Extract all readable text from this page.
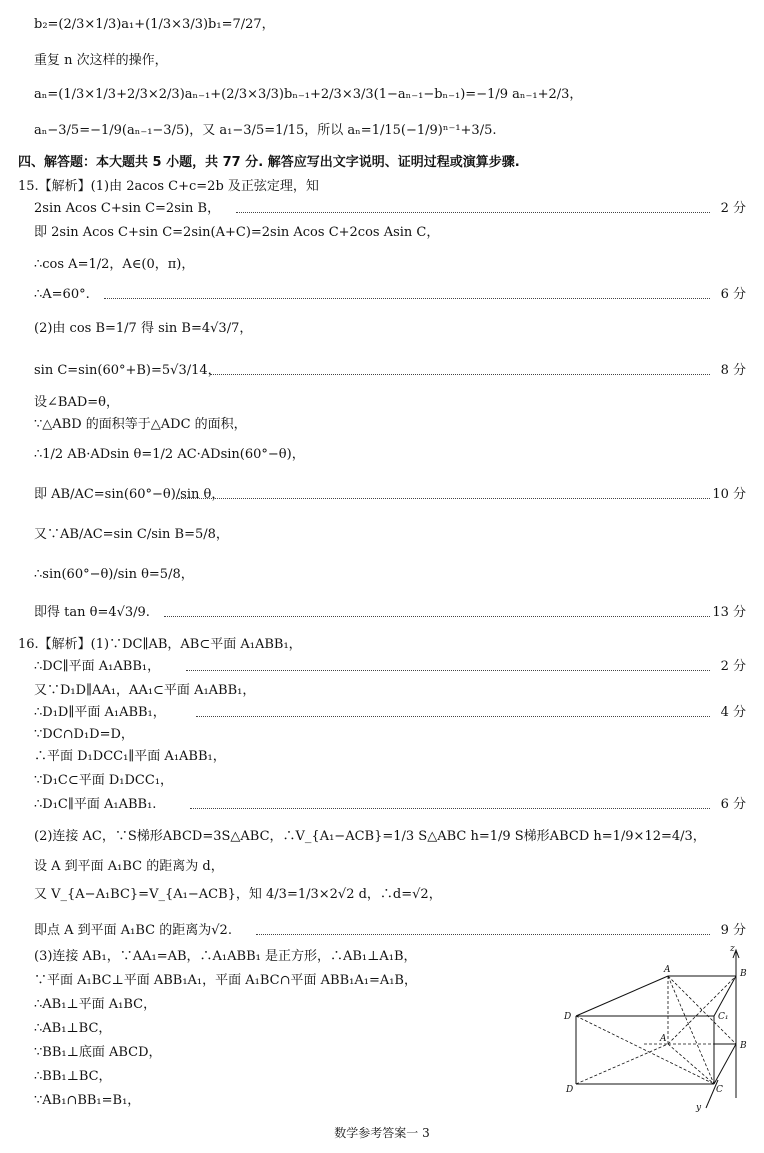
b₂=(2/3×1/3)a₁+(1/3×3/3)b₁=7/27，
重复 n 次这样的操作，
aₙ=(1/3×1/3+2/3×2/3)aₙ₋₁+(2/3×3/3)bₙ₋₁+2/3×3/3(1−aₙ₋₁−bₙ₋₁)=−1/9 aₙ₋₁+2/3，
aₙ−3/5=−1/9(aₙ₋₁−3/5)，又 a₁−3/5=1/15，所以 aₙ=1/15(−1/9)ⁿ⁻¹+3/5.
四、解答题：本大题共 5 小题，共 77 分. 解答应写出文字说明、证明过程或演算步骤.
15.【解析】(1)由 2acos C+c=2b 及正弦定理，知
2sin Acos C+sin C=2sin B，	2 分
即 2sin Acos C+sin C=2sin(A+C)=2sin Acos C+2cos Asin C，
∴cos A=1/2，A∈(0，π)，
∴A=60°.	6 分
(2)由 cos B=1/7 得 sin B=4√3/7，
sin C=sin(60°+B)=5√3/14，	8 分
设∠BAD=θ，
∵△ABD 的面积等于△ADC 的面积，
∴1/2 AB·ADsin θ=1/2 AC·ADsin(60°−θ)，
即 AB/AC=sin(60°−θ)/sin θ，	10 分
又∵AB/AC=sin C/sin B=5/8，
∴sin(60°−θ)/sin θ=5/8，
即得 tan θ=4√3/9.	13 分
16.【解析】(1)∵DC∥AB，AB⊂平面 A₁ABB₁，
∴DC∥平面 A₁ABB₁，	2 分
又∵D₁D∥AA₁，AA₁⊂平面 A₁ABB₁，
∴D₁D∥平面 A₁ABB₁，	4 分
∵DC∩D₁D=D，
∴平面 D₁DCC₁∥平面 A₁ABB₁，
∵D₁C⊂平面 D₁DCC₁，
∴D₁C∥平面 A₁ABB₁.	6 分
(2)连接 AC，∵S梯形ABCD=3S△ABC，∴V_{A₁−ACB}=1/3 S△ABC h=1/9 S梯形ABCD h=1/9×12=4/3，
设 A 到平面 A₁BC 的距离为 d，
又 V_{A−A₁BC}=V_{A₁−ACB}，知 4/3=1/3×2√2 d，∴d=√2，
即点 A 到平面 A₁BC 的距离为√2.	9 分
(3)连接 AB₁，∵AA₁=AB，∴A₁ABB₁ 是正方形，∴AB₁⊥A₁B，
∵平面 A₁BC⊥平面 ABB₁A₁，平面 A₁BC∩平面 ABB₁A₁=A₁B，
∴AB₁⊥平面 A₁BC，
∴AB₁⊥BC，
∵BB₁⊥底面 ABCD，
∴BB₁⊥BC，
∵AB₁∩BB₁=B₁，
z
A	B
D	C₁
A
B
D	C
y
数学参考答案一 3
